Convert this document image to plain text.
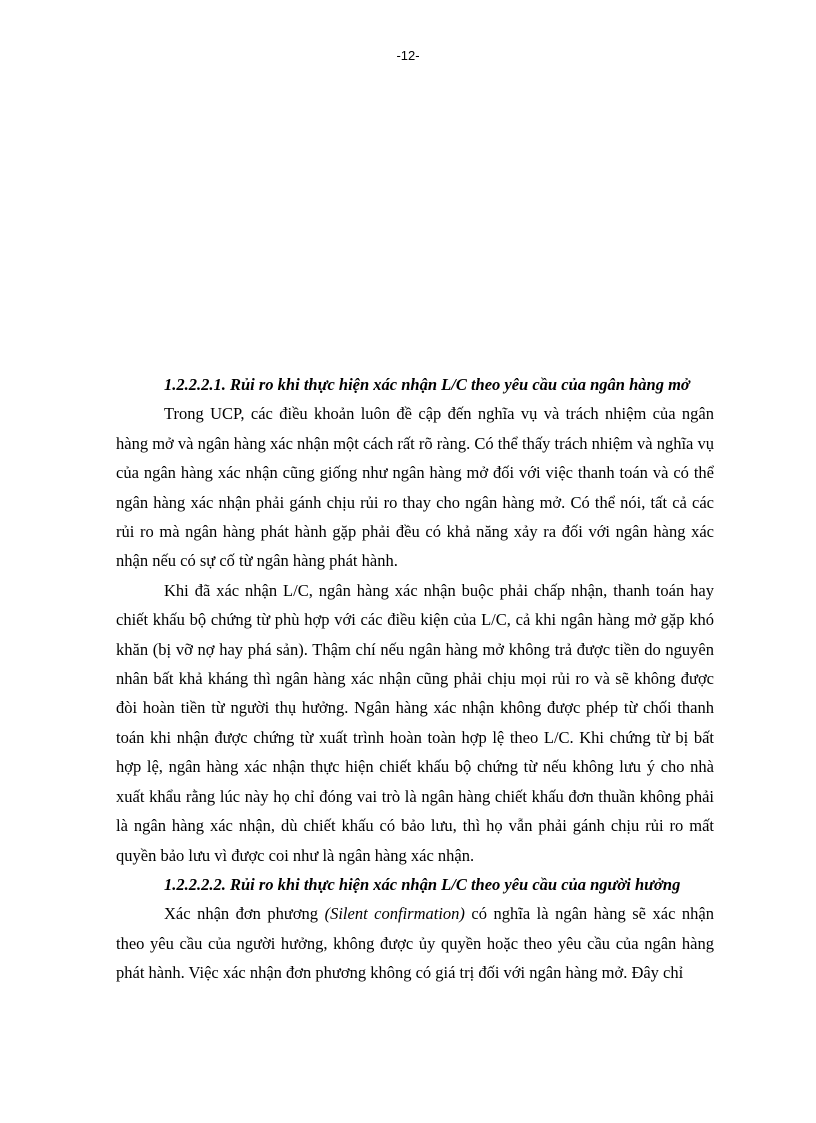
-12-

1.2.2.2.1. Rủi ro khi thực hiện xác nhận L/C theo yêu cầu của ngân hàng mở

Trong UCP, các điều khoản luôn đề cập đến nghĩa vụ và trách nhiệm của ngân hàng mở và ngân hàng xác nhận một cách rất rõ ràng. Có thể thấy trách nhiệm và nghĩa vụ của ngân hàng xác nhận cũng giống như ngân hàng mở đối với việc thanh toán và có thể ngân hàng xác nhận phải gánh chịu rủi ro thay cho ngân hàng mở. Có thể nói, tất cả các rủi ro mà ngân hàng phát hành gặp phải đều có khả năng xảy ra đối với ngân hàng xác nhận nếu có sự cố từ ngân hàng phát hành.

Khi đã xác nhận L/C, ngân hàng xác nhận buộc phải chấp nhận, thanh toán hay chiết khấu bộ chứng từ phù hợp với các điều kiện của L/C, cả khi ngân hàng mở gặp khó khăn (bị vỡ nợ hay phá sản). Thậm chí nếu ngân hàng mở không trả được tiền do nguyên nhân bất khả kháng thì ngân hàng xác nhận cũng phải chịu mọi rủi ro và sẽ không được đòi hoàn tiền từ người thụ hưởng. Ngân hàng xác nhận không được phép từ chối thanh toán khi nhận được chứng từ xuất trình hoàn toàn hợp lệ theo L/C. Khi chứng từ bị bất hợp lệ, ngân hàng xác nhận thực hiện chiết khấu bộ chứng từ nếu không lưu ý cho nhà xuất khẩu rằng lúc này họ chỉ đóng vai trò là ngân hàng chiết khấu đơn thuần không phải là ngân hàng xác nhận, dù chiết khấu có bảo lưu, thì họ vẫn phải gánh chịu rủi ro mất quyền bảo lưu vì được coi như là ngân hàng xác nhận.

1.2.2.2.2. Rủi ro khi thực hiện xác nhận L/C theo yêu cầu của người hưởng

Xác nhận đơn phương (Silent confirmation) có nghĩa là ngân hàng sẽ xác nhận theo yêu cầu của người hưởng, không được ủy quyền hoặc theo yêu cầu của ngân hàng phát hành. Việc xác nhận đơn phương không có giá trị đối với ngân hàng mở. Đây chỉ
